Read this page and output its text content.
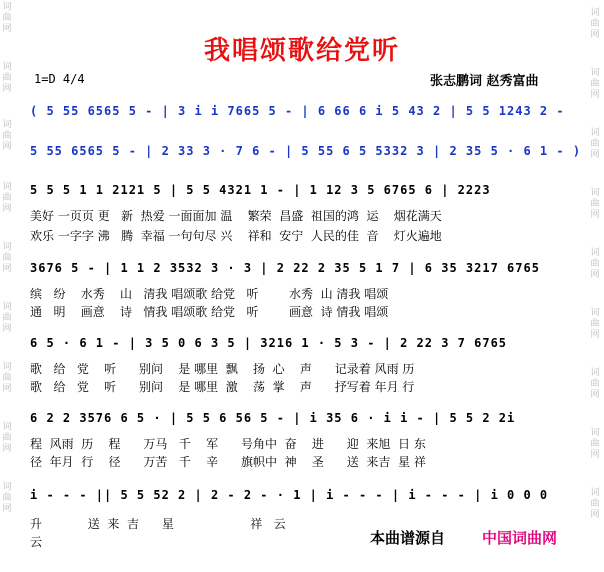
词
曲
网
词
曲
网
词
曲
网
词
曲
网
词
曲
网
词
曲
网
词
曲
网
词
曲
网
词
曲
网
词
曲
网
词
曲
网
词
曲
网
词
曲
网
词
曲
网
词
曲
网
词
曲
网
词
曲
网
词
曲
网
我唱颂歌给党听
1=D 4/4	张志鹏词 赵秀富曲
( 5 55 6565 5 - | 3 i i 7665 5 - | 6 66 6 i 5 43 2 | 5 5 1243 2 -
5 55 6565 5 - | 2 33 3 · 7 6 - | 5 55 6 5 5332 3 | 2 35 5 · 6 1 - )
5 5 5 1 1 2121 5 | 5 5 4321 1 - | 1 12 3 5 6765 6 | 2223
美好 一页页 更   新  热爱 一面面加 温    繁荣  昌盛  祖国的鸿  运    烟花满天
欢乐 一字字 沸   腾  幸福 一句句尽 兴    祥和  安宁  人民的佳  音    灯火遍地
3676 5 - | 1 1 2 3532 3 · 3 | 2 22 2 35 5 1 7 | 6 35 3217 6765
缤   纷    水秀    山   清我 唱颂歌 给党   听        水秀  山 清我 唱颂
通   明    画意    诗   情我 唱颂歌 给党   听        画意  诗 情我 唱颂
6 5 · 6 1 - | 3 5 0 6 3 5 | 3216 1 · 5 3 - | 2 22 3 7 6765
歌   给   党    听      别问    是 哪里  飘    扬  心    声      记录着 风雨 历
歌   给   党    听      别问    是 哪里  激    荡  掌    声      抒写着 年月 行
6 2 2 3576 6 5 · | 5 5 6 56 5 - | i 35 6 · i i - | 5 5 2 2i
程  风雨  历    程      万马   千    军      号角中  奋    进      迎  来旭  日 东
径  年月  行    径      万苦   千    辛      旗帜中  神    圣      送  来吉  星 祥
i - - - || 5 5 52 2 | 2 - 2 - · 1 | i - - - | i - - - | i 0 0 0
升            送  来  吉      星                    祥   云
云	本曲谱源自 中国词曲网
